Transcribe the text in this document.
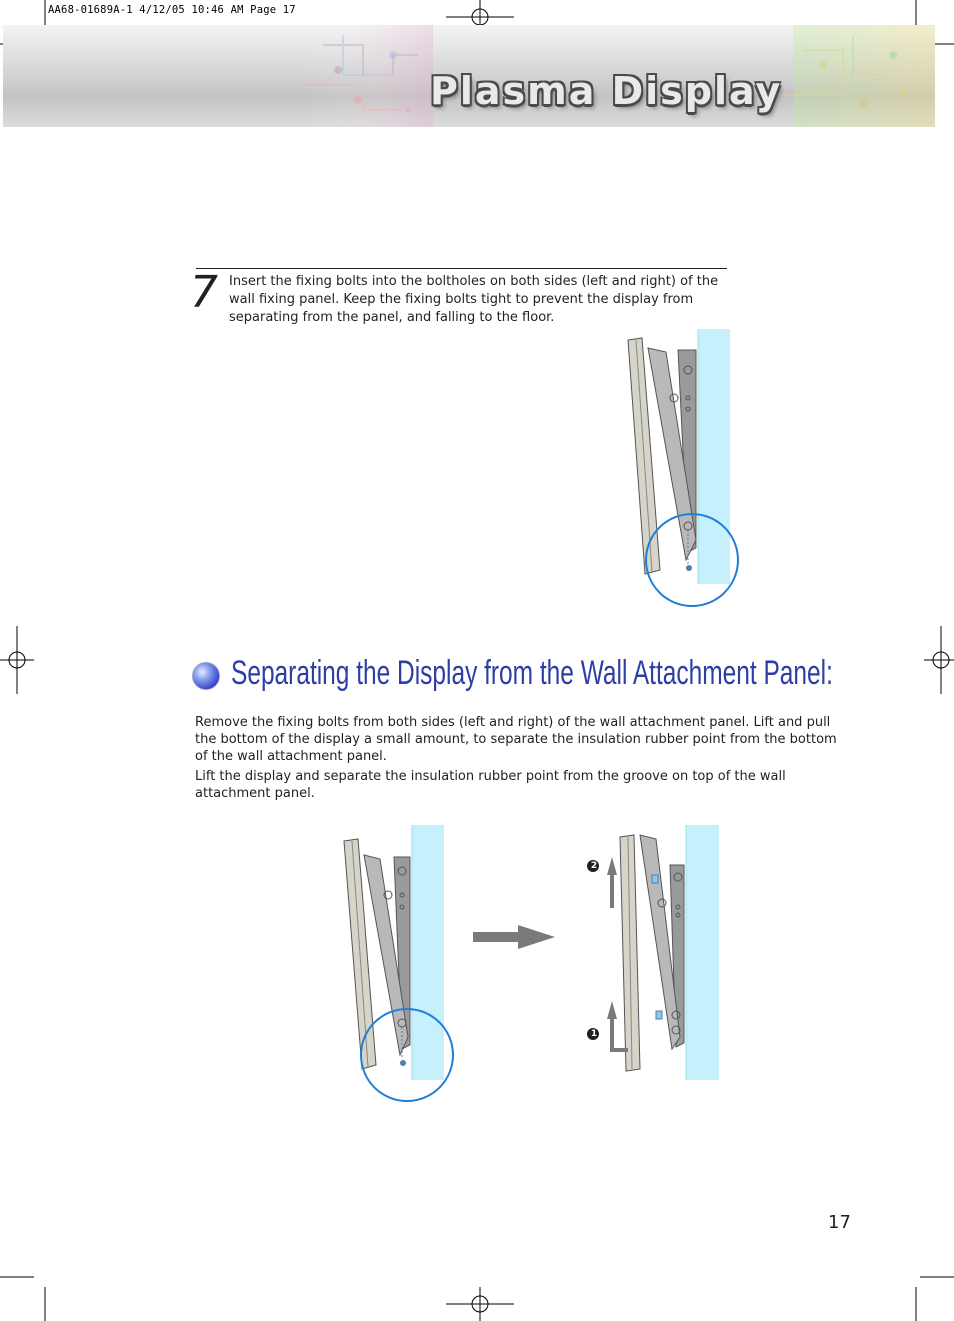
AA68-01689A-1 4/12/05 10:46 AM Page 17
Plasma Display
7 Insert the fixing bolts into the boltholes on both sides (left and right) of the wall fixing panel. Keep the fixing bolts tight to prevent the display from separating from the panel, and falling to the floor.
Separating the Display from the Wall Attachment Panel:
Remove the fixing bolts from both sides (left and right) of the wall attachment panel. Lift and pull the bottom of the display a small amount, to separate the insulation rubber point from the bottom of the wall attachment panel.
Lift the display and separate the insulation rubber point from the groove on top of the wall attachment panel.
2
1
17
